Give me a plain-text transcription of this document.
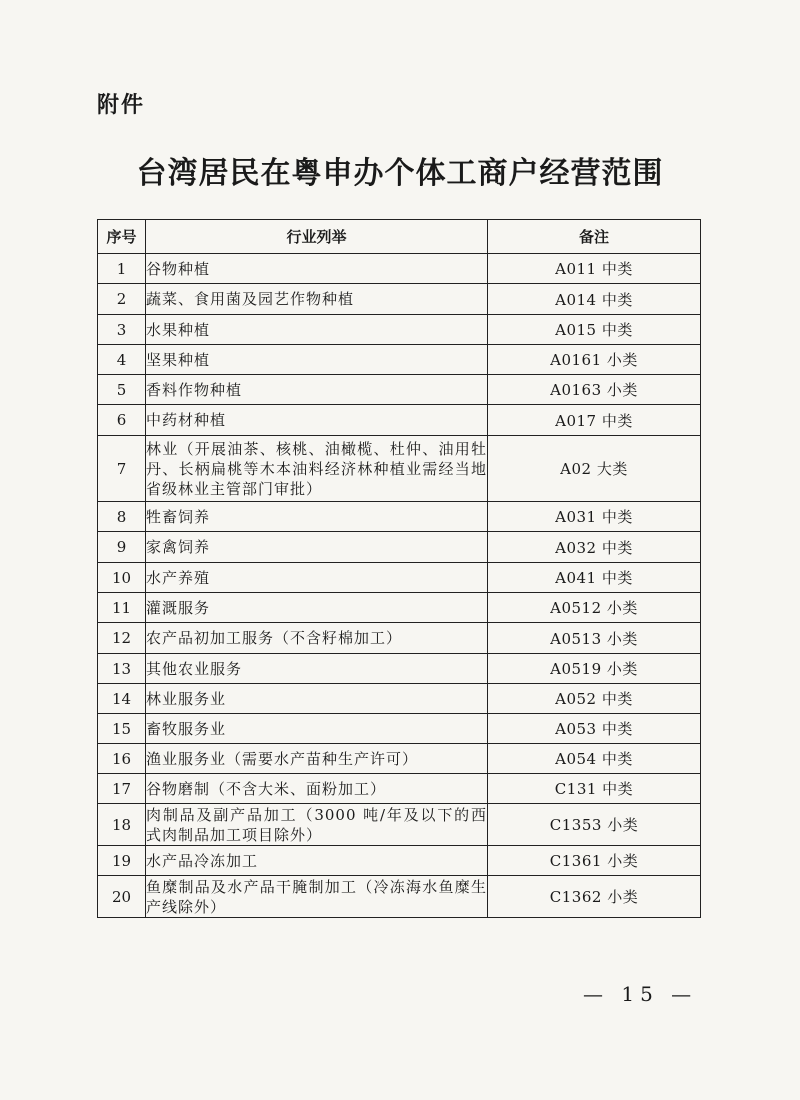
附件
台湾居民在粤申办个体工商户经营范围
序号	行业列举	备注
1	谷物种植	A011 中类
2	蔬菜、食用菌及园艺作物种植	A014 中类
3	水果种植	A015 中类
4	坚果种植	A0161 小类
5	香料作物种植	A0163 小类
6	中药材种植	A017 中类
7	林业（开展油茶、核桃、油橄榄、杜仲、油用牡丹、长柄扁桃等木本油料经济林种植业需经当地省级林业主管部门审批）	A02 大类
8	牲畜饲养	A031 中类
9	家禽饲养	A032 中类
10	水产养殖	A041 中类
11	灌溉服务	A0512 小类
12	农产品初加工服务（不含籽棉加工）	A0513 小类
13	其他农业服务	A0519 小类
14	林业服务业	A052 中类
15	畜牧服务业	A053 中类
16	渔业服务业（需要水产苗种生产许可）	A054 中类
17	谷物磨制（不含大米、面粉加工）	C131 中类
18	肉制品及副产品加工（3000 吨/年及以下的西式肉制品加工项目除外）	C1353 小类
19	水产品冷冻加工	C1361 小类
20	鱼糜制品及水产品干腌制加工（冷冻海水鱼糜生产线除外）	C1362 小类
— 15 —
